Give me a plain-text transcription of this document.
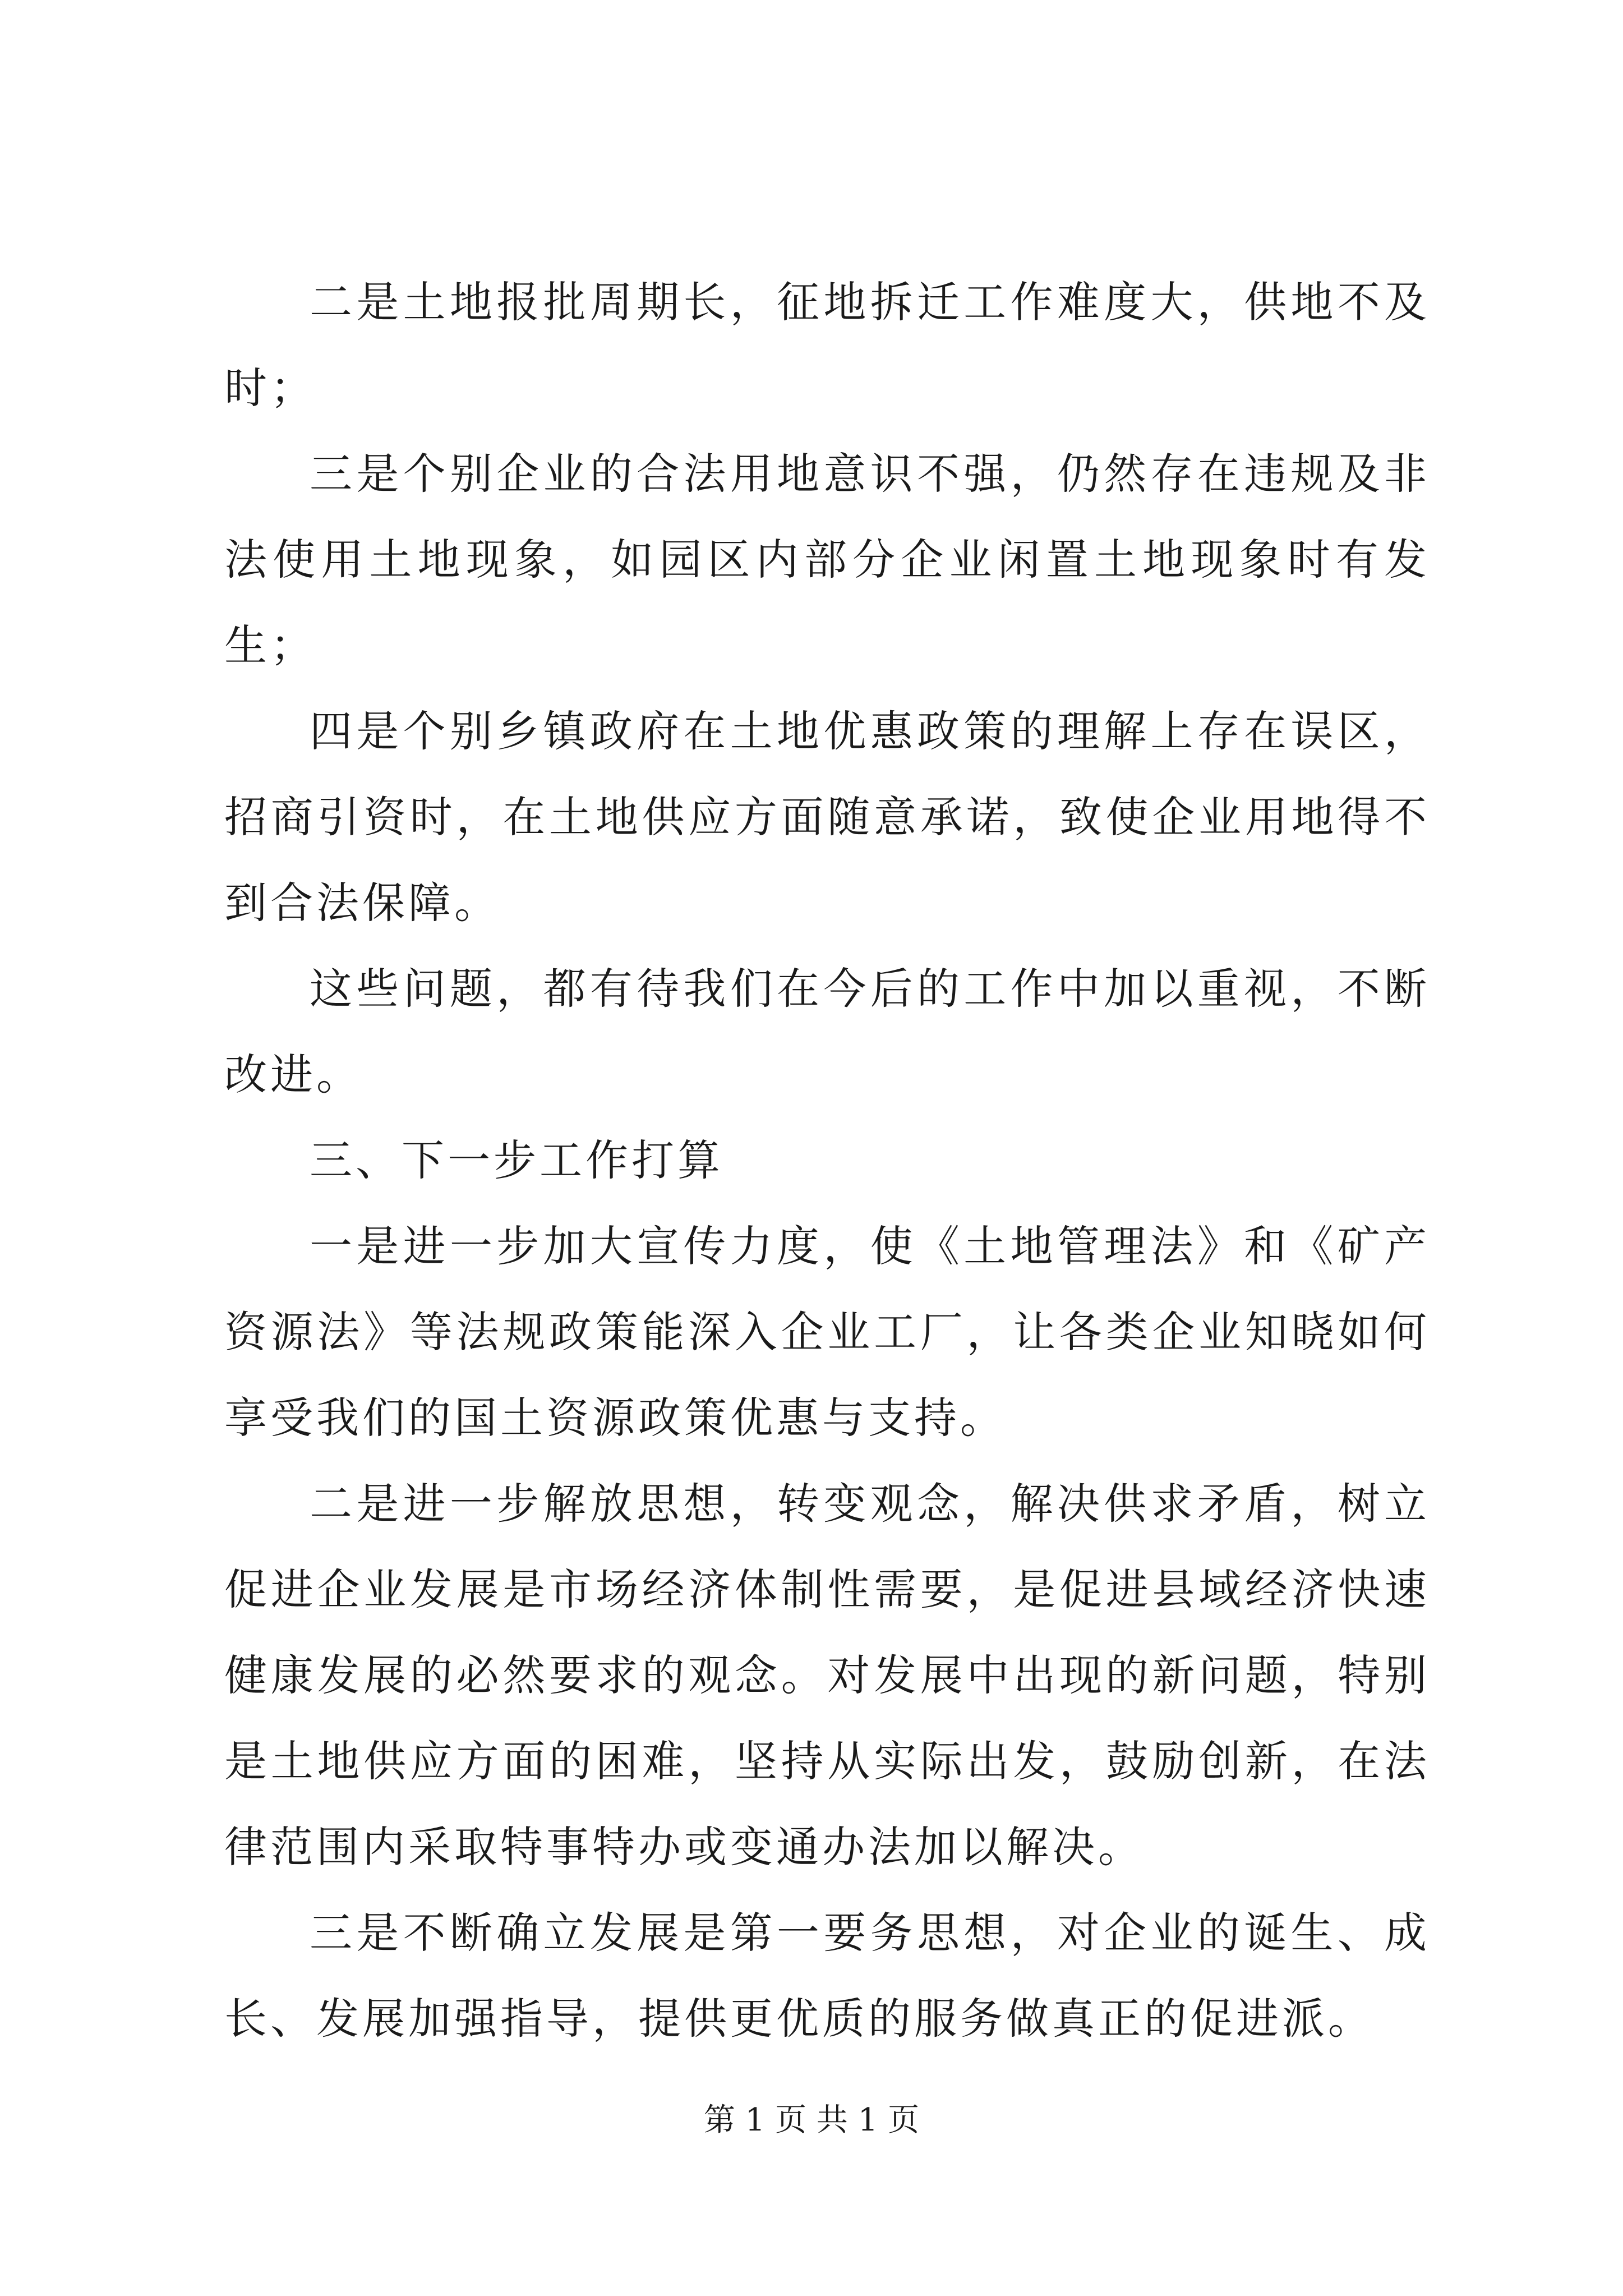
二是土地报批周期长，征地拆迁工作难度大，供地不及时；

三是个别企业的合法用地意识不强，仍然存在违规及非法使用土地现象，如园区内部分企业闲置土地现象时有发生；

四是个别乡镇政府在土地优惠政策的理解上存在误区，招商引资时，在土地供应方面随意承诺，致使企业用地得不到合法保障。

这些问题，都有待我们在今后的工作中加以重视，不断改进。

三、下一步工作打算

一是进一步加大宣传力度，使《土地管理法》和《矿产资源法》等法规政策能深入企业工厂，让各类企业知晓如何享受我们的国土资源政策优惠与支持。

二是进一步解放思想，转变观念，解决供求矛盾，树立促进企业发展是市场经济体制性需要，是促进县域经济快速健康发展的必然要求的观念。对发展中出现的新问题，特别是土地供应方面的困难，坚持从实际出发，鼓励创新，在法律范围内采取特事特办或变通办法加以解决。

三是不断确立发展是第一要务思想，对企业的诞生、成长、发展加强指导，提供更优质的服务做真正的促进派。

第 1 页 共 1 页
